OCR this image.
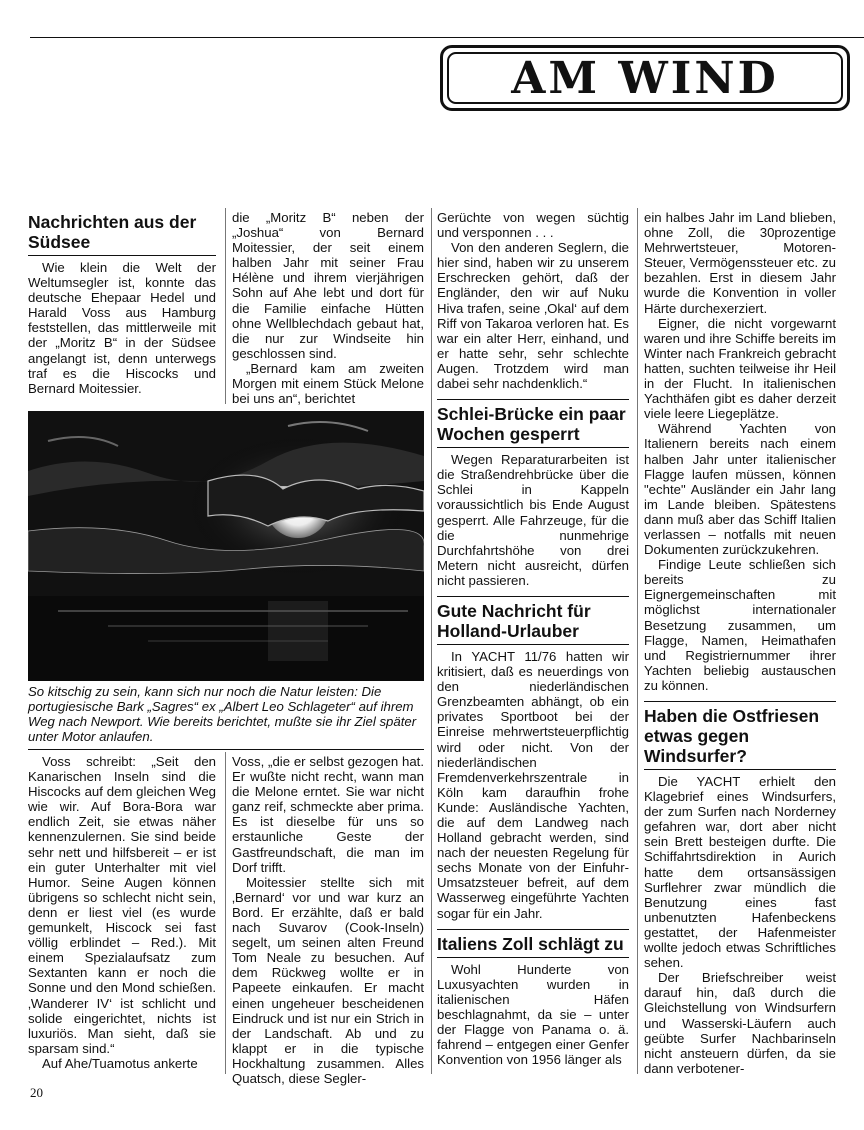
AM WIND
Nachrichten aus der Südsee

Wie klein die Welt der Weltumsegler ist, konnte das deutsche Ehepaar Hedel und Harald Voss aus Hamburg feststellen, das mittlerweile mit der „Moritz B“ in der Südsee angelangt ist, denn unterwegs traf es die Hiscocks und Bernard Moitessier.

die „Moritz B“ neben der „Joshua“ von Bernard Moitessier, der seit einem halben Jahr mit seiner Frau Hélène und ihrem vierjährigen Sohn auf Ahe lebt und dort für die Familie einfache Hütten ohne Wellblechdach gebaut hat, die nur zur Windseite hin geschlossen sind.

„Bernard kam am zweiten Morgen mit einem Stück Melone bei uns an“, berichtet

So kitschig zu sein, kann sich nur noch die Natur leisten: Die portugiesische Bark „Sagres“ ex „Albert Leo Schlageter“ auf ihrem Weg nach Newport. Wie bereits berichtet, mußte sie ihr Ziel später unter Motor anlaufen.

Voss schreibt: „Seit den Kanarischen Inseln sind die Hiscocks auf dem gleichen Weg wie wir. Auf Bora-Bora war endlich Zeit, sie etwas näher kennenzulernen. Sie sind beide sehr nett und hilfsbereit – er ist ein guter Unterhalter mit viel Humor. Seine Augen können übrigens so schlecht nicht sein, denn er liest viel (es wurde gemunkelt, Hiscock sei fast völlig erblindet – Red.). Mit einem Spezialaufsatz zum Sextanten kann er noch die Sonne und den Mond schießen. ‚Wanderer IV‘ ist schlicht und solide eingerichtet, nichts ist luxuriös. Man sieht, daß sie sparsam sind.“

Auf Ahe/Tuamotus ankerte

Voss, „die er selbst gezogen hat. Er wußte nicht recht, wann man die Melone erntet. Sie war nicht ganz reif, schmeckte aber prima. Es ist dieselbe für uns so erstaunliche Geste der Gastfreundschaft, die man im Dorf trifft.

Moitessier stellte sich mit ‚Bernard‘ vor und war kurz an Bord. Er erzählte, daß er bald nach Suvarov (Cook-Inseln) segelt, um seinen alten Freund Tom Neale zu besuchen. Auf dem Rückweg wollte er in Papeete einkaufen. Er macht einen ungeheuer bescheidenen Eindruck und ist nur ein Strich in der Landschaft. Ab und zu klappt er in die typische Hockhaltung zusammen. Alles Quatsch, diese Segler-

Gerüchte von wegen süchtig und versponnen . . .

Von den anderen Seglern, die hier sind, haben wir zu unserem Erschrecken gehört, daß der Engländer, den wir auf Nuku Hiva trafen, seine ‚Okal‘ auf dem Riff von Takaroa verloren hat. Es war ein alter Herr, einhand, und er hatte sehr, sehr schlechte Augen. Trotzdem wird man dabei sehr nachdenklich.“

Schlei-Brücke ein paar Wochen gesperrt

Wegen Reparaturarbeiten ist die Straßendrehbrücke über die Schlei in Kappeln voraussichtlich bis Ende August gesperrt. Alle Fahrzeuge, für die die nunmehrige Durchfahrtshöhe von drei Metern nicht ausreicht, dürfen nicht passieren.

Gute Nachricht für Holland-Urlauber

In YACHT 11/76 hatten wir kritisiert, daß es neuerdings von den niederländischen Grenzbeamten abhängt, ob ein privates Sportboot bei der Einreise mehrwertsteuerpflichtig wird oder nicht. Von der niederländischen Fremdenverkehrszentrale in Köln kam daraufhin frohe Kunde: Ausländische Yachten, die auf dem Landweg nach Holland gebracht werden, sind nach der neuesten Regelung für sechs Monate von der Einfuhr-Umsatzsteuer befreit, auf dem Wasserweg eingeführte Yachten sogar für ein Jahr.

Italiens Zoll schlägt zu

Wohl Hunderte von Luxusyachten wurden in italienischen Häfen beschlagnahmt, da sie – unter der Flagge von Panama o. ä. fahrend – entgegen einer Genfer Konvention von 1956 länger als

ein halbes Jahr im Land blieben, ohne Zoll, die 30prozentige Mehrwertsteuer, Motoren-Steuer, Vermögenssteuer etc. zu bezahlen. Erst in diesem Jahr wurde die Konvention in voller Härte durchexerziert.

Eigner, die nicht vorgewarnt waren und ihre Schiffe bereits im Winter nach Frankreich gebracht hatten, suchten teilweise ihr Heil in der Flucht. In italienischen Yachthäfen gibt es daher derzeit viele leere Liegeplätze.

Während Yachten von Italienern bereits nach einem halben Jahr unter italienischer Flagge laufen müssen, können "echte" Ausländer ein Jahr lang im Lande bleiben. Spätestens dann muß aber das Schiff Italien verlassen – notfalls mit neuen Dokumenten zurückzukehren.

Findige Leute schließen sich bereits zu Eignergemeinschaften mit möglichst internationaler Besetzung zusammen, um Flagge, Namen, Heimathafen und Registriernummer ihrer Yachten beliebig austauschen zu können.

Haben die Ostfriesen etwas gegen Windsurfer?

Die YACHT erhielt den Klagebrief eines Windsurfers, der zum Surfen nach Norderney gefahren war, dort aber nicht sein Brett besteigen durfte. Die Schiffahrtsdirektion in Aurich hatte dem ortsansässigen Surflehrer zwar mündlich die Benutzung eines fast unbenutzten Hafenbeckens gestattet, der Hafenmeister wollte jedoch etwas Schriftliches sehen.

Der Briefschreiber weist darauf hin, daß durch die Gleichstellung von Windsurfern und Wasserski-Läufern auch geübte Surfer Nachbarinseln nicht ansteuern dürfen, da sie dann verbotener-

20
